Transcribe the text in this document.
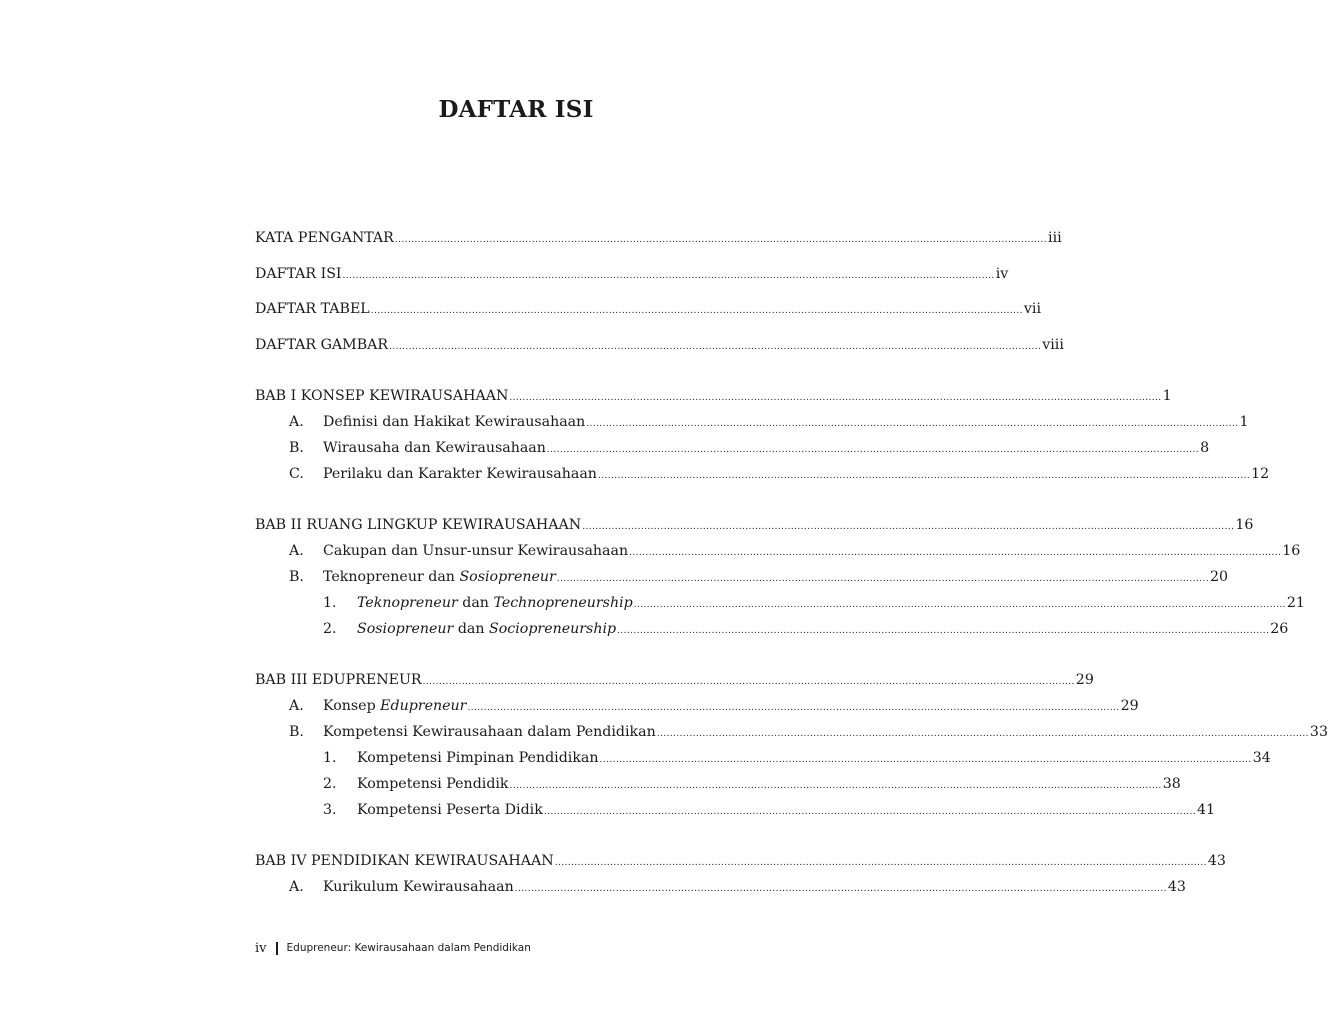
DAFTAR ISI
KATA PENGANTAR ........................................................................................................................................................................................................ iii
DAFTAR ISI ........................................................................................................................................................................................................ iv
DAFTAR TABEL ........................................................................................................................................................................................................ vii
DAFTAR GAMBAR ........................................................................................................................................................................................................ viii
BAB I KONSEP KEWIRAUSAHAAN ........................................................................................................................................................................................................ 1
A.	Definisi dan Hakikat Kewirausahaan ........................................................................................................................................................................................................ 1
B.	Wirausaha dan Kewirausahaan ........................................................................................................................................................................................................ 8
C.	Perilaku dan Karakter Kewirausahaan ........................................................................................................................................................................................................ 12
BAB II RUANG LINGKUP KEWIRAUSAHAAN ........................................................................................................................................................................................................ 16
A.	Cakupan dan Unsur-unsur Kewirausahaan ........................................................................................................................................................................................................ 16
B.	Teknopreneur dan Sosiopreneur ........................................................................................................................................................................................................ 20
1.	Teknopreneur dan Technopreneurship ........................................................................................................................................................................................................ 21
2.	Sosiopreneur dan Sociopreneurship ........................................................................................................................................................................................................ 26
BAB III EDUPRENEUR ........................................................................................................................................................................................................ 29
A.	Konsep Edupreneur ........................................................................................................................................................................................................ 29
B.	Kompetensi Kewirausahaan dalam Pendidikan ........................................................................................................................................................................................................ 33
1.	Kompetensi Pimpinan Pendidikan ........................................................................................................................................................................................................ 34
2.	Kompetensi Pendidik ........................................................................................................................................................................................................ 38
3.	Kompetensi Peserta Didik ........................................................................................................................................................................................................ 41
BAB IV PENDIDIKAN KEWIRAUSAHAAN ........................................................................................................................................................................................................ 43
A.	Kurikulum Kewirausahaan ........................................................................................................................................................................................................ 43
iv Edupreneur: Kewirausahaan dalam Pendidikan
